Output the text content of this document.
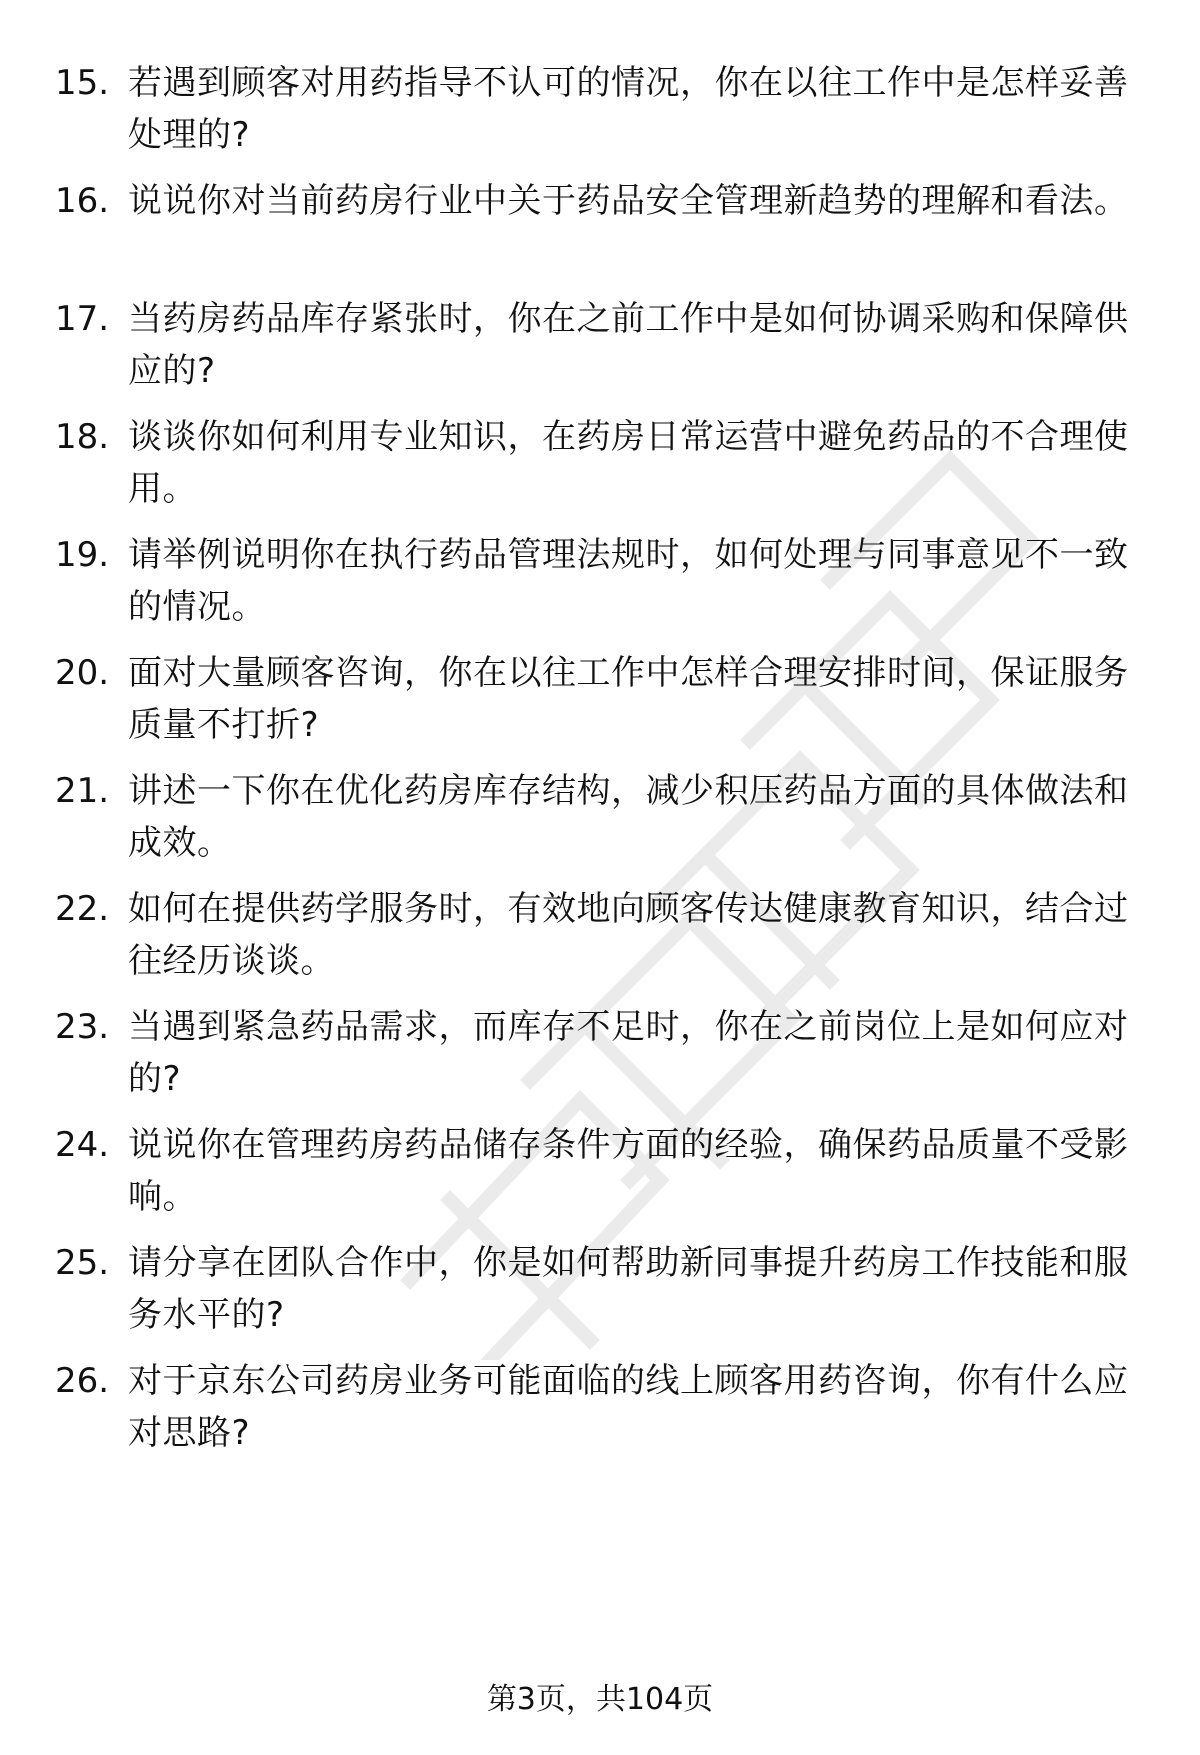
15. 若遇到顾客对用药指导不认可的情况，你在以往工作中是怎样妥善处理的?
16. 说说你对当前药房行业中关于药品安全管理新趋势的理解和看法。
17. 当药房药品库存紧张时，你在之前工作中是如何协调采购和保障供应的?
18. 谈谈你如何利用专业知识，在药房日常运营中避免药品的不合理使用。
19. 请举例说明你在执行药品管理法规时，如何处理与同事意见不一致的情况。
20. 面对大量顾客咨询，你在以往工作中怎样合理安排时间，保证服务质量不打折?
21. 讲述一下你在优化药房库存结构，减少积压药品方面的具体做法和成效。
22. 如何在提供药学服务时，有效地向顾客传达健康教育知识，结合过往经历谈谈。
23. 当遇到紧急药品需求，而库存不足时，你在之前岗位上是如何应对的?
24. 说说你在管理药房药品储存条件方面的经验，确保药品质量不受影响。
25. 请分享在团队合作中，你是如何帮助新同事提升药房工作技能和服务水平的?
26. 对于京东公司药房业务可能面临的线上顾客用药咨询，你有什么应对思路?
第3页，共104页
